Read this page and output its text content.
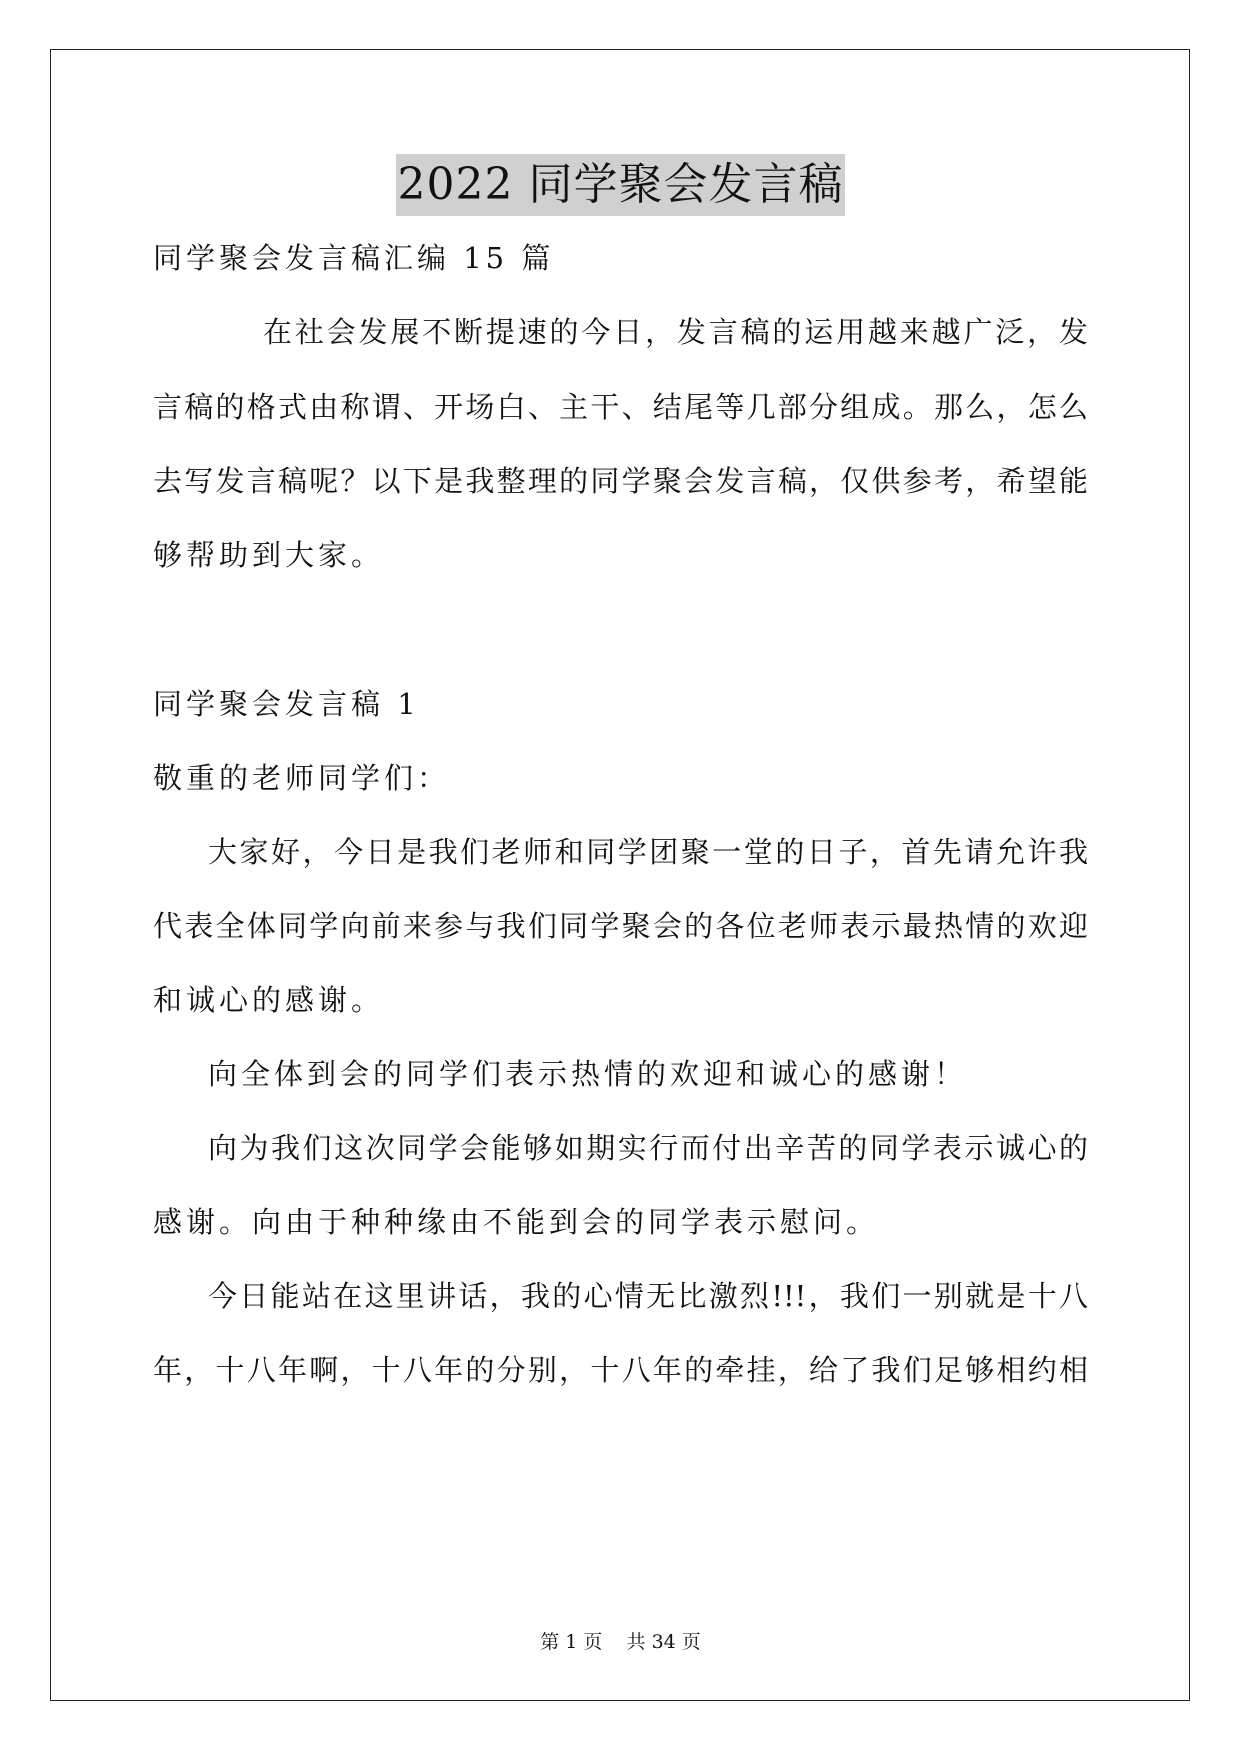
2022 同学聚会发言稿
同学聚会发言稿汇编 15 篇
在社会发展不断提速的今日，发言稿的运用越来越广泛，发
言稿的格式由称谓、开场白、主干、结尾等几部分组成。那么，怎么
去写发言稿呢？以下是我整理的同学聚会发言稿，仅供参考，希望能
够帮助到大家。
同学聚会发言稿 1
敬重的老师同学们：
大家好，今日是我们老师和同学团聚一堂的日子，首先请允许我
代表全体同学向前来参与我们同学聚会的各位老师表示最热情的欢迎
和诚心的感谢。
向全体到会的同学们表示热情的欢迎和诚心的感谢！
向为我们这次同学会能够如期实行而付出辛苦的同学表示诚心的
感谢。向由于种种缘由不能到会的同学表示慰问。
今日能站在这里讲话，我的心情无比激烈!!!，我们一别就是十八
年，十八年啊，十八年的分别，十八年的牵挂，给了我们足够相约相
第 1 页 共 34 页
